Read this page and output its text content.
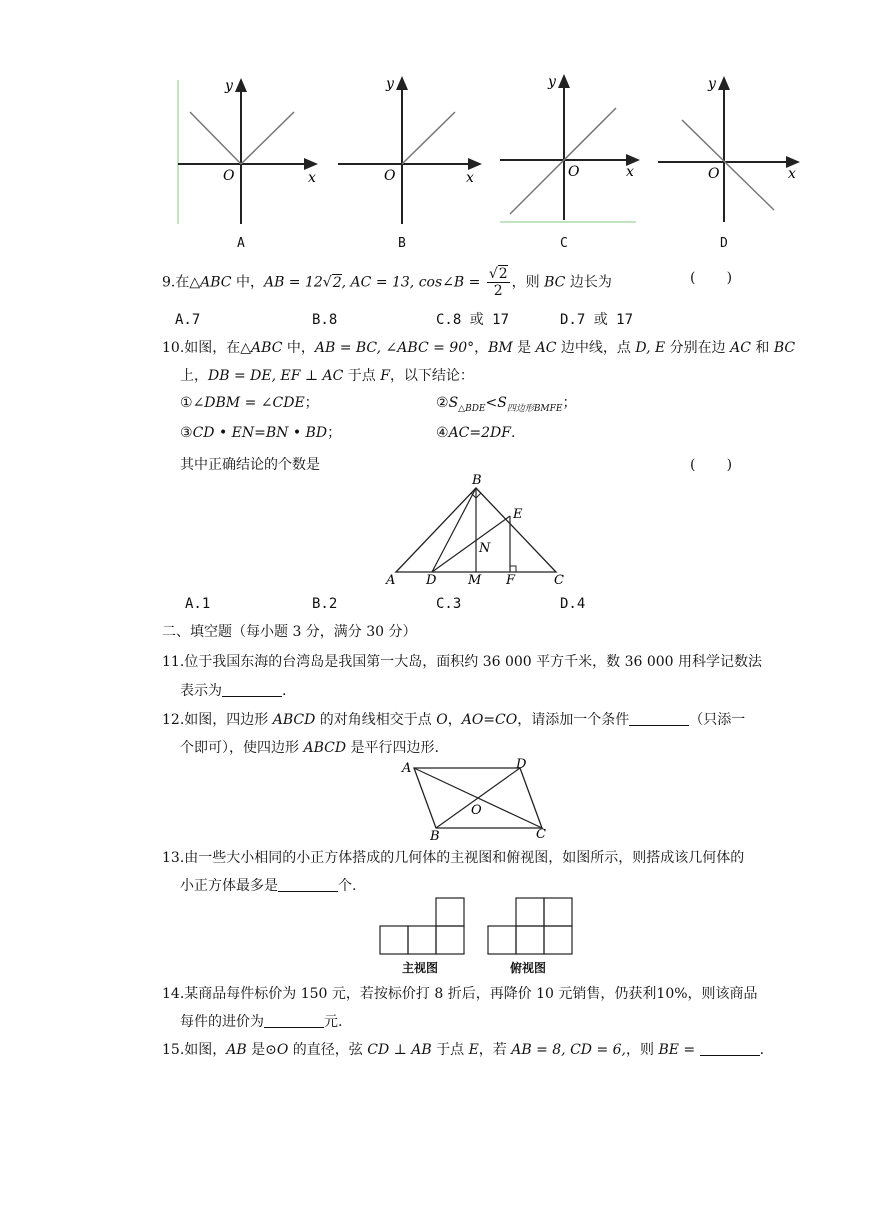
O	x
y
O	x
y
O	x
y
O	x
y
A	B	C	D
9.在△ABC 中，AB = 12√2, AC = 13, cos∠B = $\frac{√2}{2}$ ，则 BC 边长为	(       )
A.7	B.8	C.8 或 17	D.7 或 17
10.如图，在△ABC 中，AB = BC, ∠ABC = 90°，BM 是 AC 边中线，点 D, E 分别在边 AC 和 BC
上，DB = DE, EF ⊥ AC 于点 F，以下结论：
①∠DBM = ∠CDE；	$②S_{\triangle BDE}<S_{四边形BMFE}$；
③CD • EN=BN • BD；	④AC=2DF.
其中正确结论的个数是	(       )
B
E
N
A D M F	C
A.1	B.2	C.3	D.4
二、填空题（每小题 3 分，满分 30 分）
11.位于我国东海的台湾岛是我国第一大岛，面积约 36 000 平方千米，数 36 000 用科学记数法
表示为	.
12.如图，四边形 ABCD 的对角线相交于点 O，AO=CO，请添加一个条件	（只添一
个即可），使四边形 ABCD 是平行四边形.
A	D
O
B	C
13.由一些大小相同的小正方体搭成的几何体的主视图和俯视图，如图所示，则搭成该几何体的
小正方体最多是	个.
主视图	俯视图
14.某商品每件标价为 150 元，若按标价打 8 折后，再降价 10 元销售，仍获利10%，则该商品
每件的进价为	元.
15.如图，AB 是⊙O 的直径，弦 CD ⊥ AB 于点 E，若 AB = 8, CD = 6,，则 BE =	.
